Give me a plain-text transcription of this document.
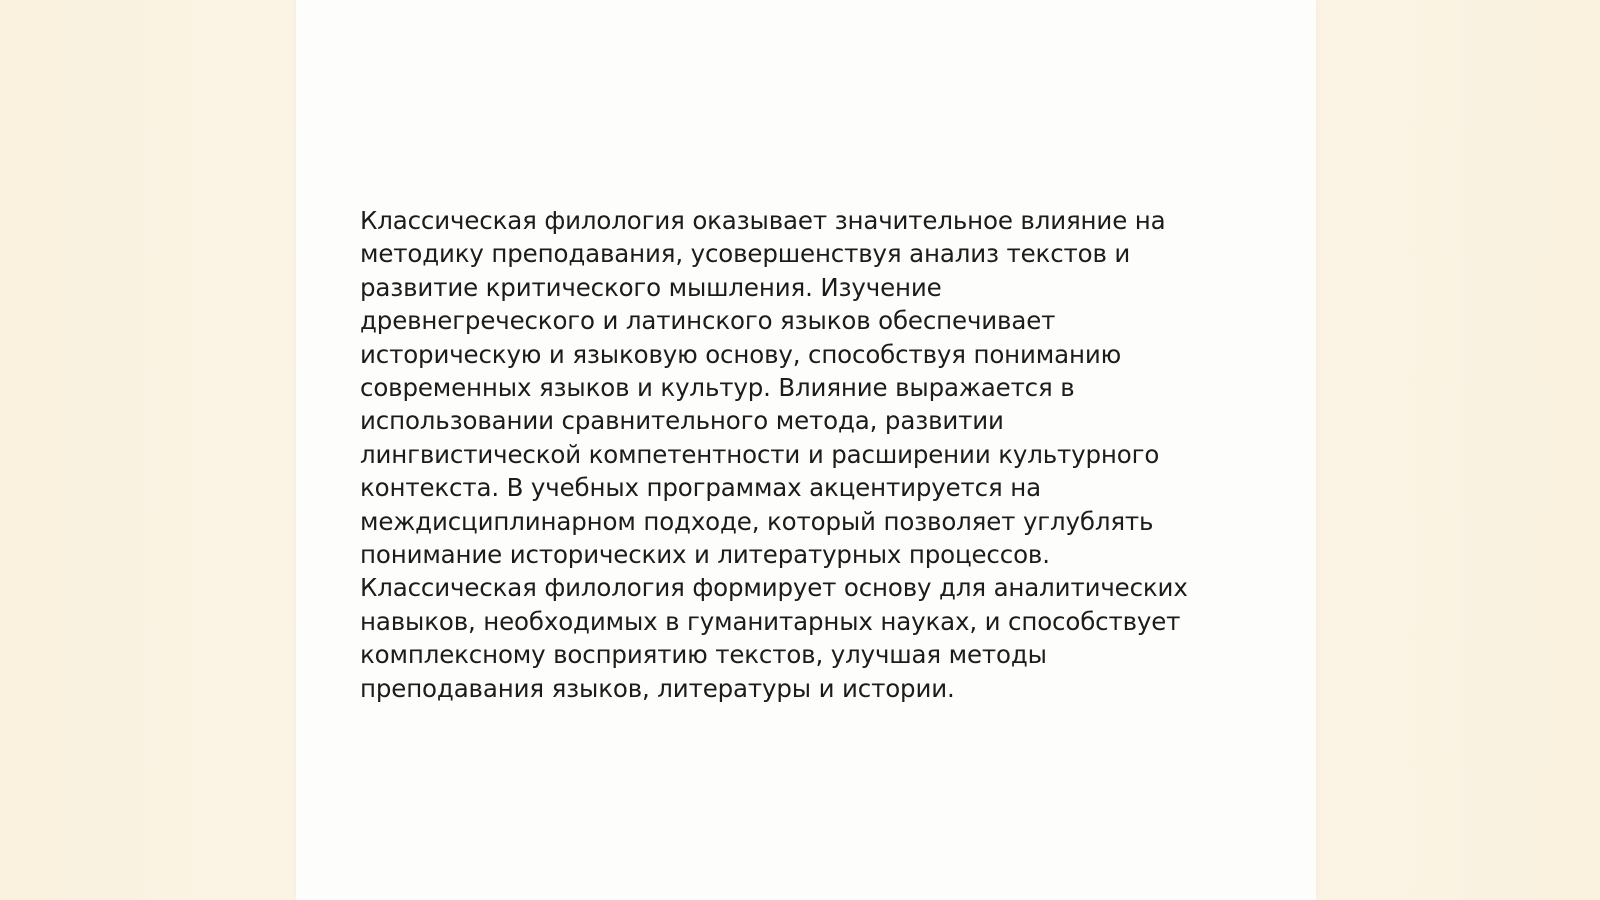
Классическая филология оказывает значительное влияние на
методику преподавания, усовершенствуя анализ текстов и
развитие критического мышления. Изучение
древнегреческого и латинского языков обеспечивает
историческую и языковую основу, способствуя пониманию
современных языков и культур. Влияние выражается в
использовании сравнительного метода, развитии
лингвистической компетентности и расширении культурного
контекста. В учебных программах акцентируется на
междисциплинарном подходе, который позволяет углублять
понимание исторических и литературных процессов.
Классическая филология формирует основу для аналитических
навыков, необходимых в гуманитарных науках, и способствует
комплексному восприятию текстов, улучшая методы
преподавания языков, литературы и истории.
